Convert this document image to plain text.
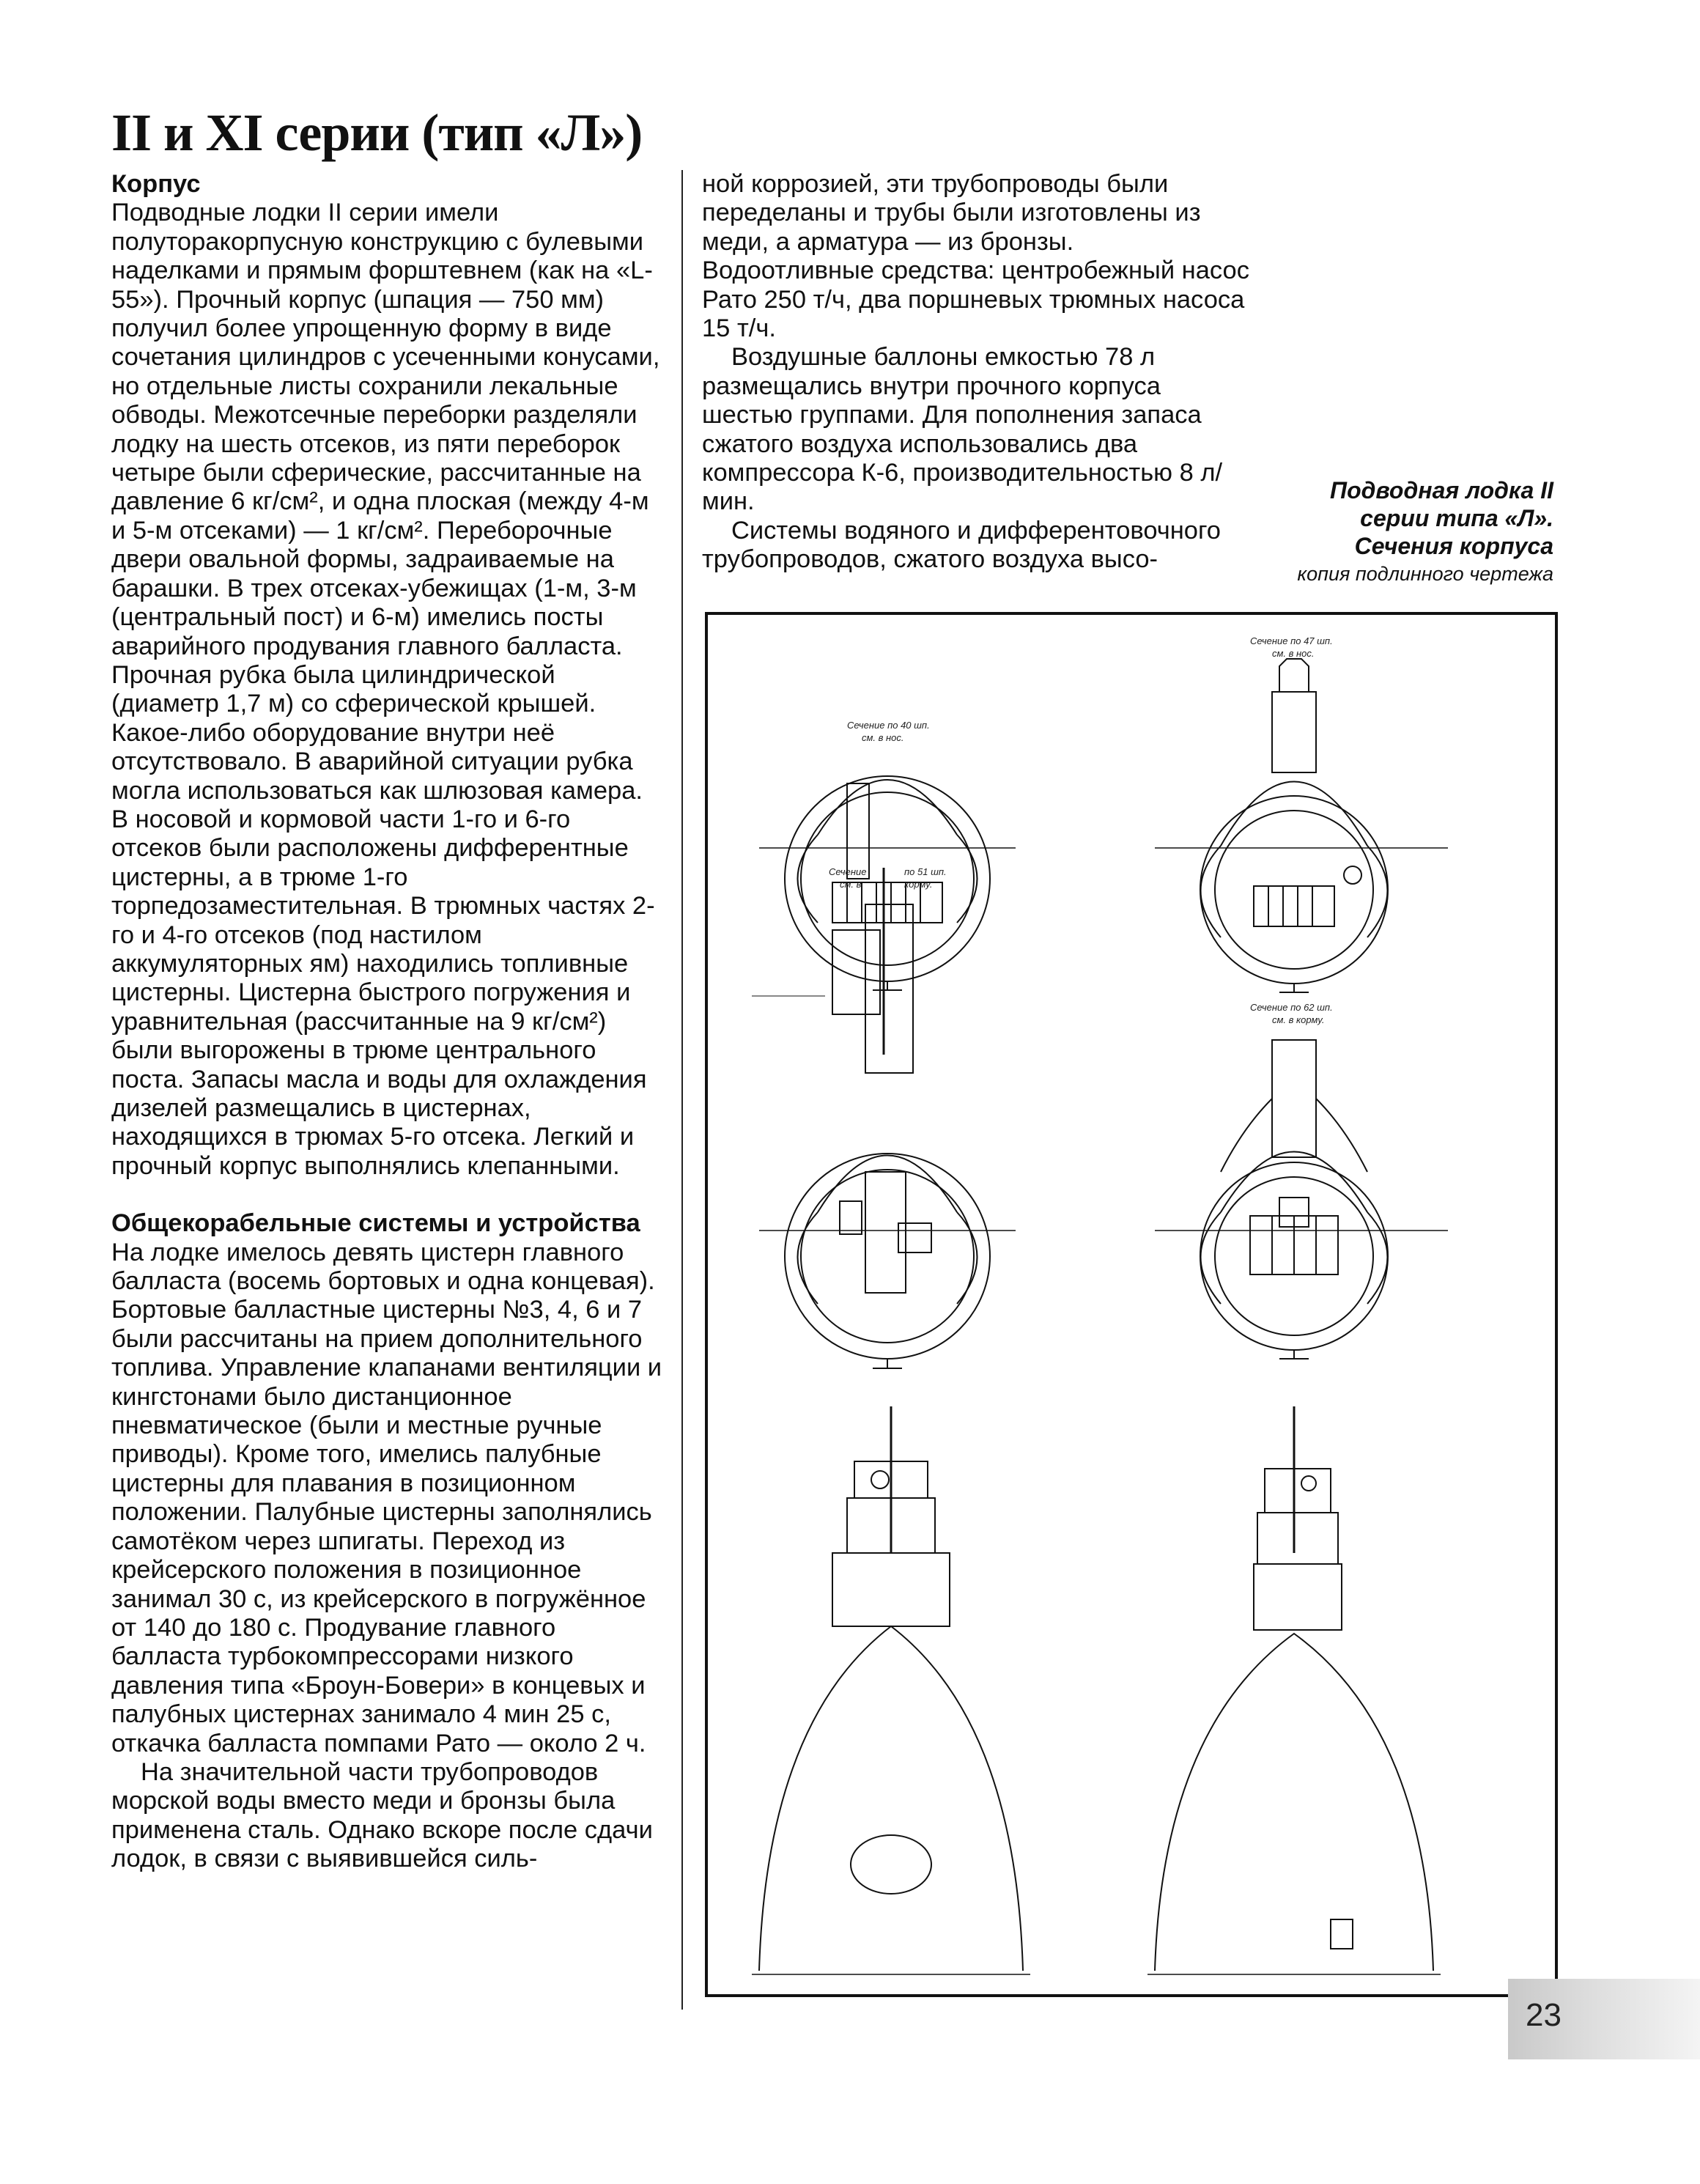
II и XI серии (тип «Л»)

Корпус

Подводные лодки II серии имели полуторакорпусную конструкцию с булевыми наделками и прямым форштевнем (как на «L-55»). Прочный корпус (шпация — 750 мм) получил более упрощенную форму в виде сочетания цилиндров с усеченными конусами, но отдельные листы сохранили лекальные обводы. Межотсечные переборки разделяли лодку на шесть отсеков, из пяти переборок четыре были сферические, рассчитанные на давление 6 кг/см², и одна плоская (между 4-м и 5-м отсеками) — 1 кг/см². Переборочные двери овальной формы, задраиваемые на барашки. В трех отсеках-убежищах (1-м, 3-м (центральный пост) и 6-м) имелись посты аварийного продувания главного балласта. Прочная рубка была цилиндрической (диаметр 1,7 м) со сферической крышей. Какое-либо оборудование внутри неё отсутствовало. В аварийной ситуации рубка могла использоваться как шлюзовая камера. В носовой и кормовой части 1-го и 6-го отсеков были расположены дифферентные цистерны, а в трюме 1-го торпедозаместительная. В трюмных частях 2-го и 4-го отсеков (под настилом аккумуляторных ям) находились топливные цистерны. Цистерна быстрого погружения и уравнительная (рассчитанные на 9 кг/см²) были выгорожены в трюме центрального поста. Запасы масла и воды для охлаждения дизелей размещались в цистернах, находящихся в трюмах 5-го отсека. Легкий и прочный корпус выполнялись клепанными.

Общекорабельные системы и устройства

На лодке имелось девять цистерн главного балласта (восемь бортовых и одна концевая). Бортовые балластные цистерны №3, 4, 6 и 7 были рассчитаны на прием дополнительного топлива. Управление клапанами вентиляции и кингстонами было дистанционное пневматическое (были и местные ручные приводы). Кроме того, имелись палубные цистерны для плавания в позиционном положении. Палубные цистерны заполнялись самотёком через шпигаты. Переход из крейсерского положения в позиционное занимал 30 с, из крейсерского в погружённое от 140 до 180 с. Продувание главного балласта турбокомпрессорами низкого давления типа «Броун-Бовери» в концевых и палубных цистернах занимало 4 мин 25 с, откачка балласта помпами Рато — около 2 ч.

На значительной части трубопроводов морской воды вместо меди и бронзы была применена сталь. Однако вскоре после сдачи лодок, в связи с выявившейся силь-

ной коррозией, эти трубопроводы были переделаны и трубы были изготовлены из меди, а арматура — из бронзы. Водоотливные средства: центробежный насос Рато 250 т/ч, два поршневых трюмных насоса 15 т/ч.

Воздушные баллоны емкостью 78 л размещались внутри прочного корпуса шестью группами. Для пополнения запаса сжатого воздуха использовались два компрессора К-6, производительностью 8 л/мин.

Системы водяного и дифферентовочного трубопроводов, сжатого воздуха высо-

Подводная лодка II
серии типа «Л».
Сечения корпуса
копия подлинного чертежа
Сечение по 40 шп.
см. в нос.
Сечение по 47 шп.
см. в нос.
Сечение	по 51 шп.
см. в	корму.
Сечение по 62 шп.
см. в корму.
23
